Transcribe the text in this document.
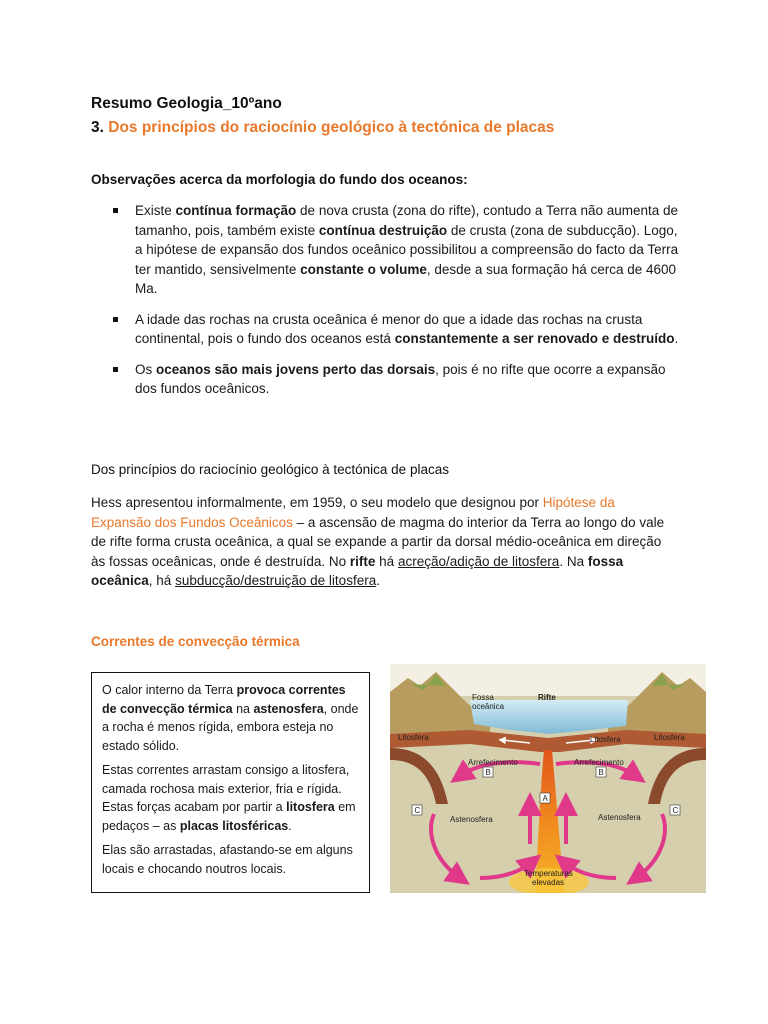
Resumo Geologia_10ºano
3. Dos princípios do raciocínio geológico à tectónica de placas
Observações acerca da morfologia do fundo dos oceanos:
Existe contínua formação de nova crusta (zona do rifte), contudo a Terra não aumenta de tamanho, pois, também existe contínua destruição de crusta (zona de subducção). Logo, a hipótese de expansão dos fundos oceânico possibilitou a compreensão do facto da Terra ter mantido, sensivelmente constante o volume, desde a sua formação há cerca de 4600 Ma.
A idade das rochas na crusta oceânica é menor do que a idade das rochas na crusta continental, pois o fundo dos oceanos está constantemente a ser renovado e destruído.
Os oceanos são mais jovens perto das dorsais, pois é no rifte que ocorre a expansão dos fundos oceânicos.
Dos princípios do raciocínio geológico à tectónica de placas
Hess apresentou informalmente, em 1959, o seu modelo que designou por Hipótese da Expansão dos Fundos Oceânicos – a ascensão de magma do interior da Terra ao longo do vale de rifte forma crusta oceânica, a qual se expande a partir da dorsal médio-oceânica em direção às fossas oceânicas, onde é destruída. No rifte há acreção/adição de litosfera. Na fossa oceânica, há subducção/destruição de litosfera.
Correntes de convecção térmica

O calor interno da Terra provoca correntes de convecção térmica na astenosfera, onde a rocha é menos rígida, embora esteja no estado sólido.

Estas correntes arrastam consigo a litosfera, camada rochosa mais exterior, fria e rígida. Estas forças acabam por partir a litosfera em pedaços – as placas litosféricas.

Elas são arrastadas, afastando-se em alguns locais e chocando noutros locais.

Fossa
oceânica
Rifte
Litosfera	Litosfera	Litosfera
Arrefecimento	Arrefecimento
Astenosfera	Astenosfera
Temperaturas
elevadas
A
B	B
C	C
